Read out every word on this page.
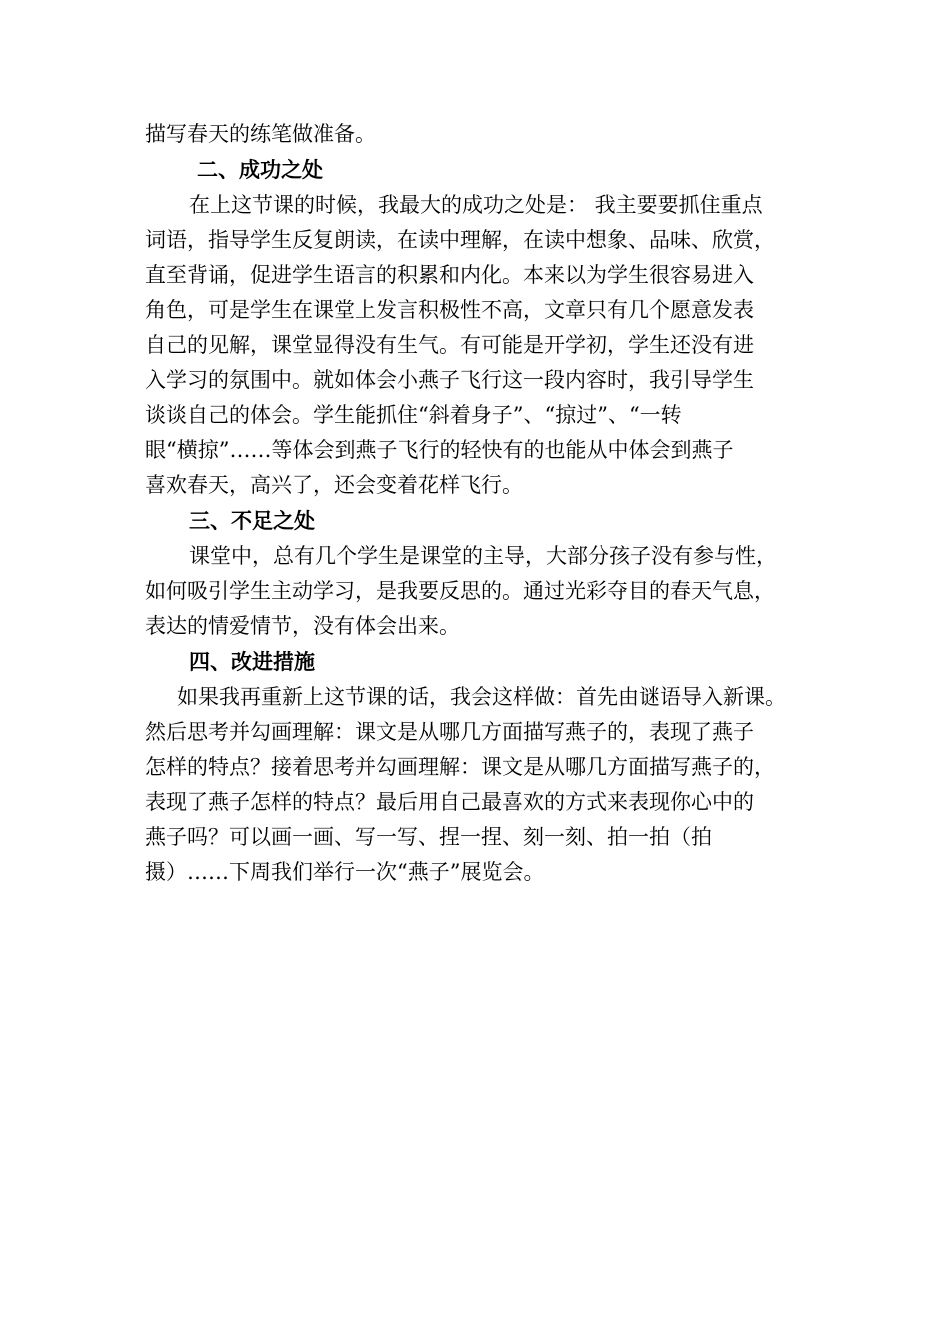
描写春天的练笔做准备。
二、成功之处
在上这节课的时候，我最大的成功之处是： 我主要要抓住重点
词语，指导学生反复朗读，在读中理解，在读中想象、品味、欣赏，
直至背诵，促进学生语言的积累和内化。本来以为学生很容易进入
角色，可是学生在课堂上发言积极性不高，文章只有几个愿意发表
自己的见解，课堂显得没有生气。有可能是开学初，学生还没有进
入学习的氛围中。就如体会小燕子飞行这一段内容时，我引导学生
谈谈自己的体会。学生能抓住“斜着身子”、“掠过”、“一转
眼“横掠”……等体会到燕子飞行的轻快有的也能从中体会到燕子
喜欢春天，高兴了，还会变着花样飞行。
三、不足之处
课堂中，总有几个学生是课堂的主导，大部分孩子没有参与性，
如何吸引学生主动学习，是我要反思的。通过光彩夺目的春天气息，
表达的情爱情节，没有体会出来。
四、改进措施
如果我再重新上这节课的话，我会这样做：首先由谜语导入新课。
然后思考并勾画理解：课文是从哪几方面描写燕子的，表现了燕子
怎样的特点？接着思考并勾画理解：课文是从哪几方面描写燕子的，
表现了燕子怎样的特点？最后用自己最喜欢的方式来表现你心中的
燕子吗？可以画一画、写一写、捏一捏、刻一刻、拍一拍（拍
摄）……下周我们举行一次“燕子”展览会。
